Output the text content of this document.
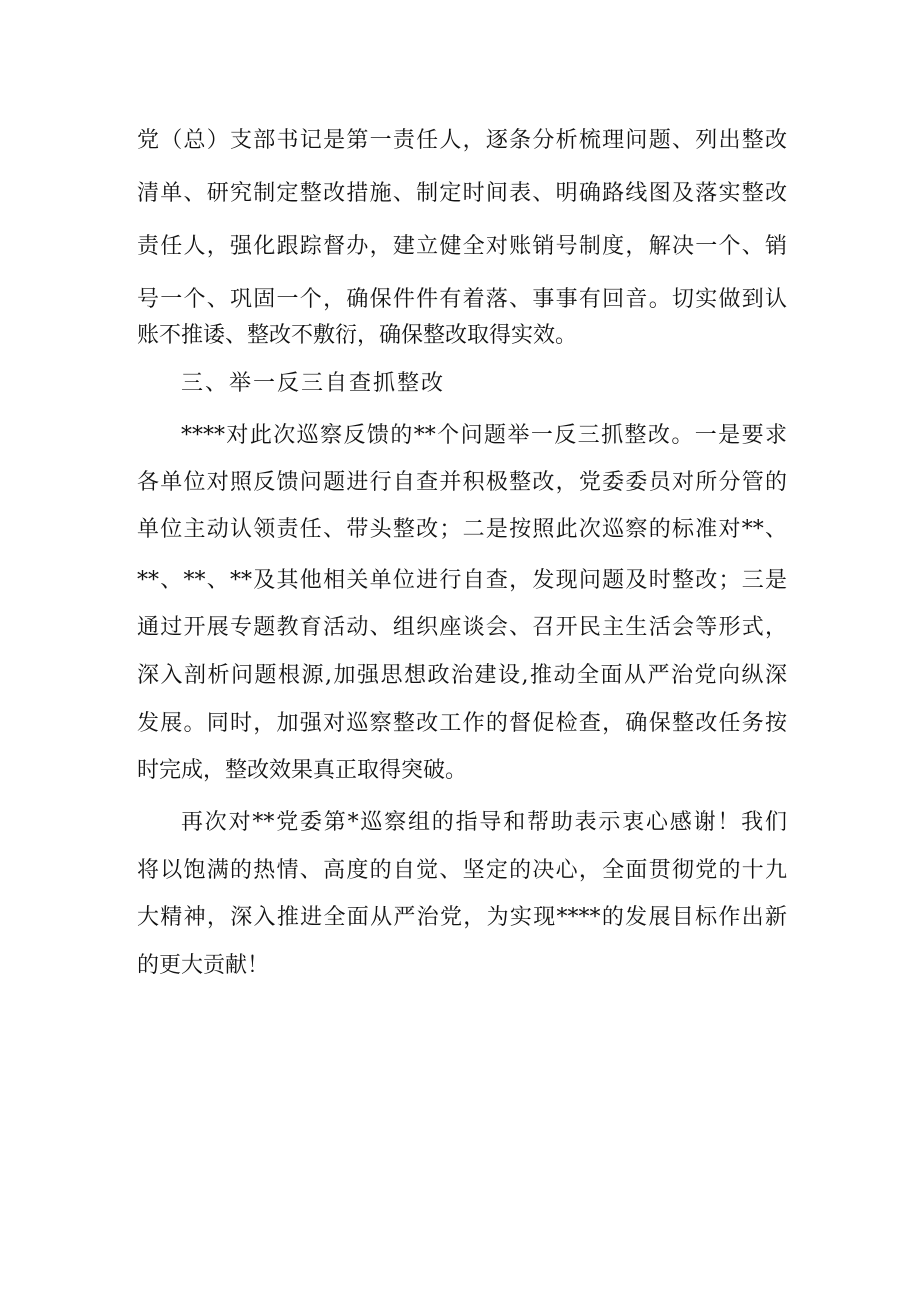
党（总）支部书记是第一责任人，逐条分析梳理问题、列出整改
清单、研究制定整改措施、制定时间表、明确路线图及落实整改
责任人，强化跟踪督办，建立健全对账销号制度，解决一个、销
号一个、巩固一个，确保件件有着落、事事有回音。切实做到认
账不推诿、整改不敷衍，确保整改取得实效。
三、举一反三自查抓整改
****对此次巡察反馈的**个问题举一反三抓整改。一是要求
各单位对照反馈问题进行自查并积极整改，党委委员对所分管的
单位主动认领责任、带头整改；二是按照此次巡察的标准对**、
**、**、**及其他相关单位进行自查，发现问题及时整改；三是
通过开展专题教育活动、组织座谈会、召开民主生活会等形式，
深入剖析问题根源,加强思想政治建设,推动全面从严治党向纵深
发展。同时，加强对巡察整改工作的督促检查，确保整改任务按
时完成，整改效果真正取得突破。
再次对**党委第*巡察组的指导和帮助表示衷心感谢！我们
将以饱满的热情、高度的自觉、坚定的决心，全面贯彻党的十九
大精神，深入推进全面从严治党，为实现****的发展目标作出新
的更大贡献！
